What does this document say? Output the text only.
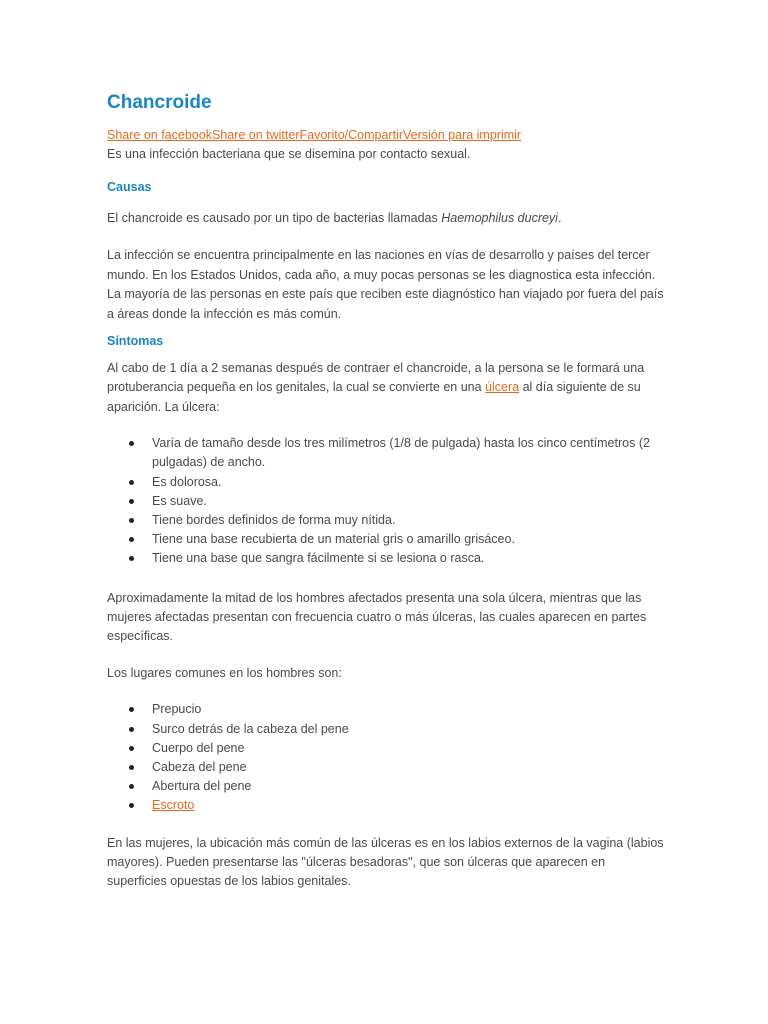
Chancroide
Share on facebookShare on twitterFavorito/CompartirVersión para imprimir

Es una infección bacteriana que se disemina por contacto sexual.

Causas

El chancroide es causado por un tipo de bacterias llamadas Haemophilus ducreyi.

La infección se encuentra principalmente en las naciones en vías de desarrollo y países del tercer mundo. En los Estados Unidos, cada año, a muy pocas personas se les diagnostica esta infección. La mayoría de las personas en este país que reciben este diagnóstico han viajado por fuera del país a áreas donde la infección es más común.

Síntomas

Al cabo de 1 día a 2 semanas después de contraer el chancroide, a la persona se le formará una protuberancia pequeña en los genitales, la cual se convierte en una úlcera al día siguiente de su aparición. La úlcera:

Varía de tamaño desde los tres milímetros (1/8 de pulgada) hasta los cinco centímetros (2 pulgadas) de ancho.
Es dolorosa.
Es suave.
Tiene bordes definidos de forma muy nítida.
Tiene una base recubierta de un material gris o amarillo grisáceo.
Tiene una base que sangra fácilmente si se lesiona o rasca.

Aproximadamente la mitad de los hombres afectados presenta una sola úlcera, mientras que las mujeres afectadas presentan con frecuencia cuatro o más úlceras, las cuales aparecen en partes específicas.

Los lugares comunes en los hombres son:

Prepucio
Surco detrás de la cabeza del pene
Cuerpo del pene
Cabeza del pene
Abertura del pene
Escroto

En las mujeres, la ubicación más común de las úlceras es en los labios externos de la vagina (labios mayores). Pueden presentarse las "úlceras besadoras", que son úlceras que aparecen en superficies opuestas de los labios genitales.
